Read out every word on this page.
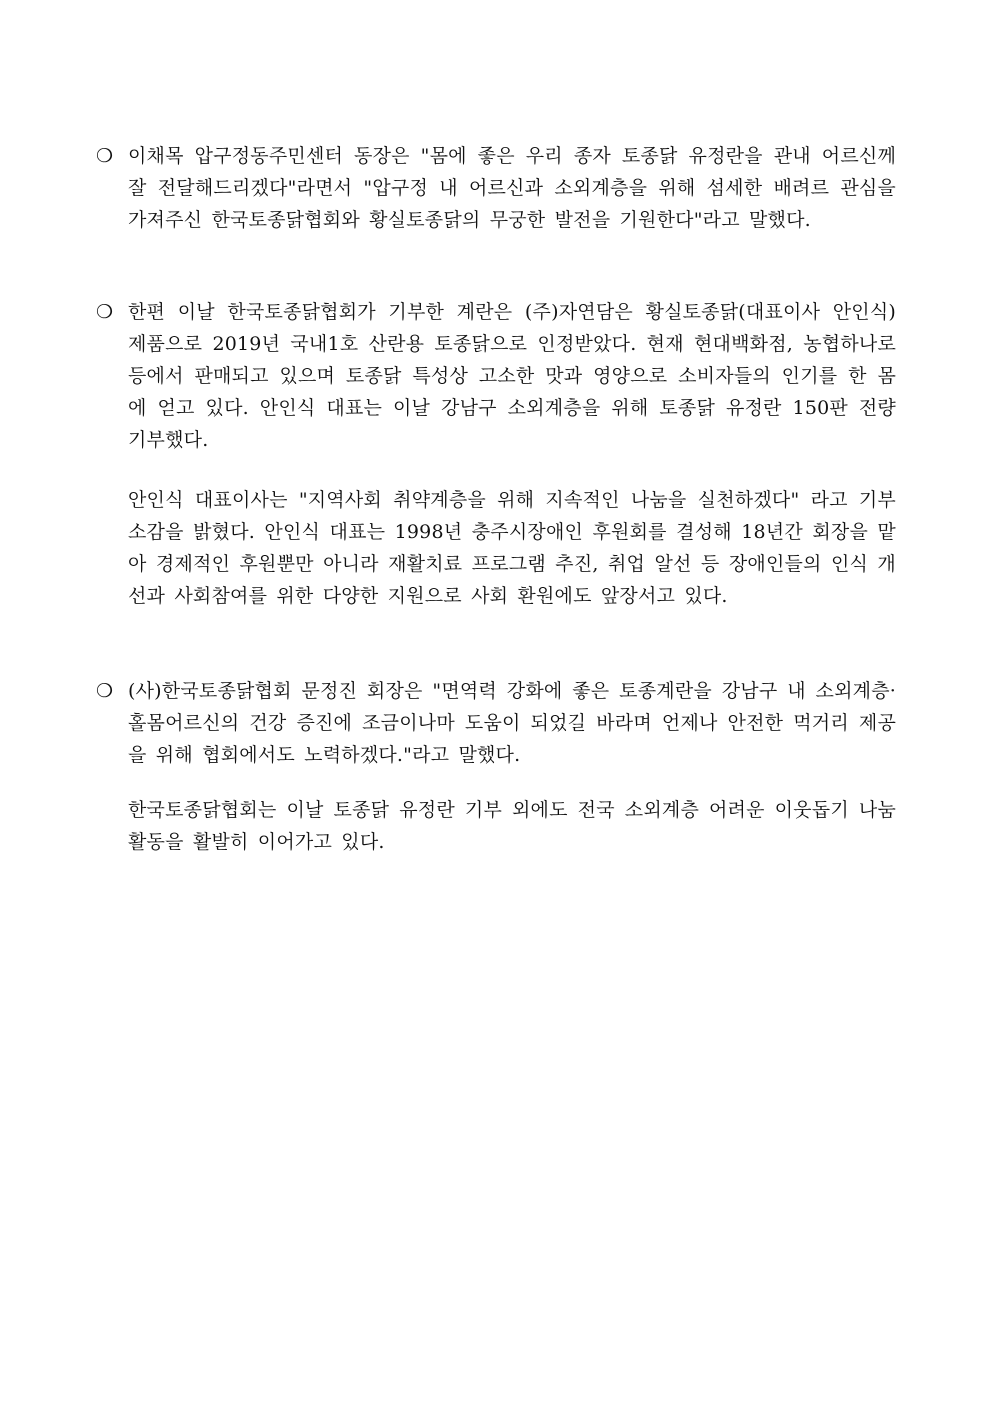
❍ 이채목 압구정동주민센터 동장은 "몸에 좋은 우리 종자 토종닭 유정란을 관내 어르신께 잘 전달해드리겠다"라면서 "압구정 내 어르신과 소외계층을 위해 섬세한 배려르 관심을 가져주신 한국토종닭협회와 황실토종닭의 무궁한 발전을 기원한다"라고 말했다.
❍ 한편 이날 한국토종닭협회가 기부한 계란은 (주)자연담은 황실토종닭(대표이사 안인식) 제품으로 2019년 국내1호 산란용 토종닭으로 인정받았다. 현재 현대백화점, 농협하나로 등에서 판매되고 있으며 토종닭 특성상 고소한 맛과 영양으로 소비자들의 인기를 한 몸에 얻고 있다. 안인식 대표는 이날 강남구 소외계층을 위해 토종닭 유정란 150판 전량 기부했다.
안인식 대표이사는 "지역사회 취약계층을 위해 지속적인 나눔을 실천하겠다" 라고 기부 소감을 밝혔다. 안인식 대표는 1998년 충주시장애인 후원회를 결성해 18년간 회장을 맡아 경제적인 후원뿐만 아니라 재활치료 프로그램 추진, 취업 알선 등 장애인들의 인식 개선과 사회참여를 위한 다양한 지원으로 사회 환원에도 앞장서고 있다.
❍ (사)한국토종닭협회 문정진 회장은 "면역력 강화에 좋은 토종계란을 강남구 내 소외계층·홀몸어르신의 건강 증진에 조금이나마 도움이 되었길 바라며 언제나 안전한 먹거리 제공을 위해 협회에서도 노력하겠다."라고 말했다.
한국토종닭협회는 이날 토종닭 유정란 기부 외에도 전국 소외계층 어려운 이웃돕기 나눔 활동을 활발히 이어가고 있다.
